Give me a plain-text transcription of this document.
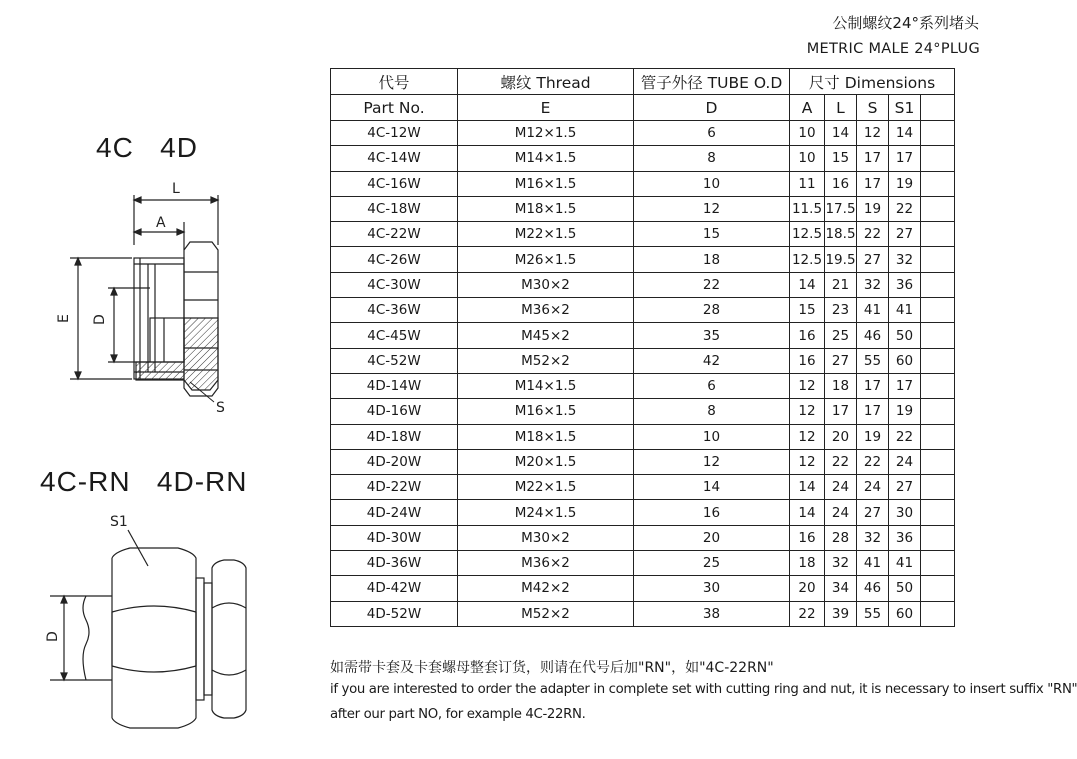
公制螺纹24°系列堵头
METRIC MALE 24°PLUG
4C   4D
4C-RN   4D-RN
L
A
E D
S
S1
D
代号	螺纹 Thread	管子外径 TUBE O.D	尺寸 Dimensions				
Part No.	E	D	A	L	S	S1	
4C-12W	M12×1.5	6	10	14	12	14	
4C-14W	M14×1.5	8	10	15	17	17	
4C-16W	M16×1.5	10	11	16	17	19	
4C-18W	M18×1.5	12	11.5	17.5	19	22	
4C-22W	M22×1.5	15	12.5	18.5	22	27	
4C-26W	M26×1.5	18	12.5	19.5	27	32	
4C-30W	M30×2	22	14	21	32	36	
4C-36W	M36×2	28	15	23	41	41	
4C-45W	M45×2	35	16	25	46	50	
4C-52W	M52×2	42	16	27	55	60	
4D-14W	M14×1.5	6	12	18	17	17	
4D-16W	M16×1.5	8	12	17	17	19	
4D-18W	M18×1.5	10	12	20	19	22	
4D-20W	M20×1.5	12	12	22	22	24	
4D-22W	M22×1.5	14	14	24	24	27	
4D-24W	M24×1.5	16	14	24	27	30	
4D-30W	M30×2	20	16	28	32	36	
4D-36W	M36×2	25	18	32	41	41	
4D-42W	M42×2	30	20	34	46	50	
4D-52W	M52×2	38	22	39	55	60	
如需带卡套及卡套螺母整套订货，则请在代号后加"RN"，如"4C-22RN"
if you are interested to order the adapter in complete set with cutting ring and nut, it is necessary to insert suffix "RN"
after our part NO, for example 4C-22RN.
